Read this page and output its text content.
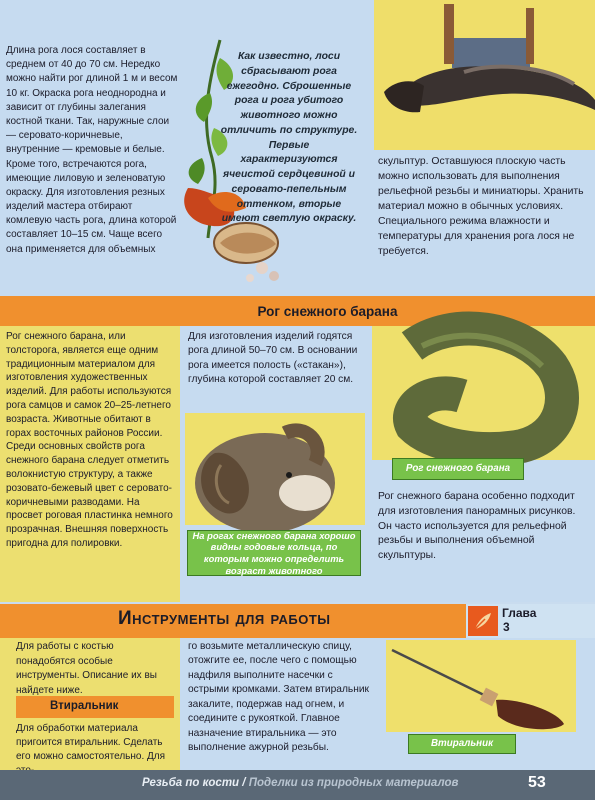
Длина рога лося составляет в среднем от 40 до 70 см. Нередко можно найти рог длиной 1 м и весом 10 кг. Окраска рога неоднородна и зависит от глубины залегания костной ткани. Так, наружные слои — серовато-коричневые, внутренние — кремовые и белые. Кроме того, встречаются рога, имеющие лиловую и зеленоватую окраску. Для изготовления резных изделий мастера отбирают комлевую часть рога, длина которой составляет 10–15 см. Чаще всего она применяется для объемных
Как известно, лоси сбрасывают рога ежегодно. Сброшенные рога и рога убитого животного можно отличить по структуре. Первые характеризуются ячеистой сердцевиной и серовато-пепельным оттенком, вторые имеют светлую окраску.
скульптур. Оставшуюся плоскую часть можно использовать для выполнения рельефной резьбы и миниатюры. Хранить материал можно в обычных условиях. Специального режима влажности и температуры для хранения рога лося не требуется.
Рог снежного барана
Рог снежного барана, или толсторога, является еще одним традиционным материалом для изготовления художественных изделий. Для работы используются рога самцов и самок 20–25-летнего возраста. Животные обитают в горах восточных районов России. Среди основных свойств рога снежного барана следует отметить волокнистую структуру, а также розовато-бежевый цвет с серовато-коричневыми разводами. На просвет роговая пластинка немного прозрачная. Внешняя поверхность пригодна для полировки.
Для изготовления изделий годятся рога длиной 50–70 см. В основании рога имеется полость («стакан»), глубина которой составляет 20 см.
На рогах снежного барана хорошо видны годовые кольца, по которым можно определить возраст животного
Рог снежного барана
Рог снежного барана особенно подходит для изготовления панорамных рисунков. Он часто используется для рельефной резьбы и выполнения объемной скульптуры.
Инструменты для работы	Глава
3
Для работы с костью понадобятся особые инструменты. Описание их вы найдете ниже.
Втиральник
Для обработки материала пригоится втиральник. Сделать его можно самостоятельно. Для
го возьмите металлическую спицу, отожгите ее, после чего с помощью надфиля выполните насечки с острыми кромками. Затем втиральник закалите, подержав над огнем, и соедините с рукояткой. Главное назначение втиральника — это выполнение ажурной резьбы.	Втиральник
Резьба по кости / Поделки из природных материалов	53
